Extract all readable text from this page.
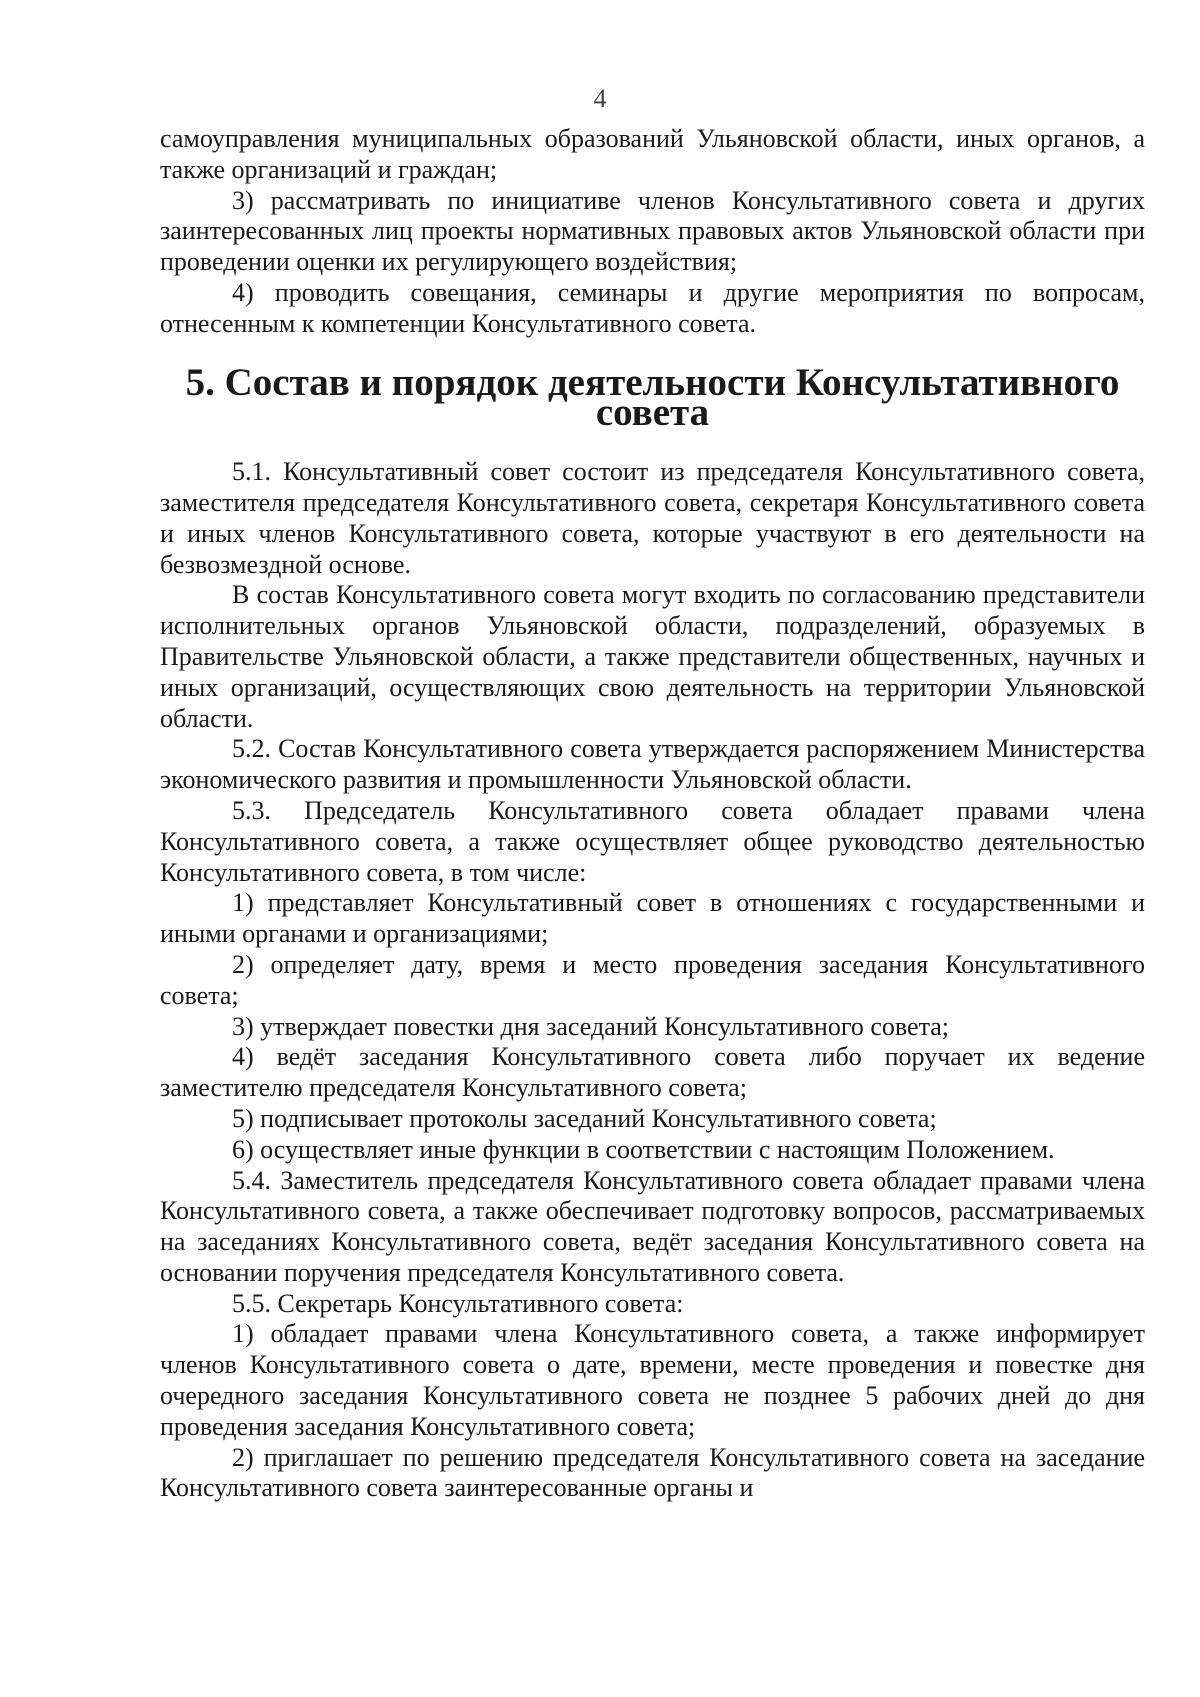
4

самоуправления муниципальных образований Ульяновской области, иных органов, а также организаций и граждан;

3) рассматривать по инициативе членов Консультативного совета и других заинтересованных лиц проекты нормативных правовых актов Ульяновской области при проведении оценки их регулирующего воздействия;

4) проводить совещания, семинары и другие мероприятия по вопросам, отнесенным к компетенции Консультативного совета.

5. Состав и порядок деятельности Консультативного совета

5.1. Консультативный совет состоит из председателя Консультативного совета, заместителя председателя Консультативного совета, секретаря Консультативного совета и иных членов Консультативного совета, которые участвуют в его деятельности на безвозмездной основе.

В состав Консультативного совета могут входить по согласованию представители исполнительных органов Ульяновской области, подразделений, образуемых в Правительстве Ульяновской области, а также представители общественных, научных и иных организаций, осуществляющих свою деятельность на территории Ульяновской области.

5.2. Состав Консультативного совета утверждается распоряжением Министерства экономического развития и промышленности Ульяновской области.

5.3. Председатель Консультативного совета обладает правами члена Консультативного совета, а также осуществляет общее руководство деятельностью Консультативного совета, в том числе:

1) представляет Консультативный совет в отношениях с государственными и иными органами и организациями;

2) определяет дату, время и место проведения заседания Консультативного совета;

3) утверждает повестки дня заседаний Консультативного совета;

4) ведёт заседания Консультативного совета либо поручает их ведение заместителю председателя Консультативного совета;

5) подписывает протоколы заседаний Консультативного совета;

6) осуществляет иные функции в соответствии с настоящим Положением.

5.4. Заместитель председателя Консультативного совета обладает правами члена Консультативного совета, а также обеспечивает подготовку вопросов, рассматриваемых на заседаниях Консультативного совета, ведёт заседания Консультативного совета на основании поручения председателя Консультативного совета.

5.5. Секретарь Консультативного совета:

1) обладает правами члена Консультативного совета, а также информирует членов Консультативного совета о дате, времени, месте проведения и повестке дня очередного заседания Консультативного совета не позднее 5 рабочих дней до дня проведения заседания Консультативного совета;

2) приглашает по решению председателя Консультативного совета на заседание Консультативного совета заинтересованные органы и
